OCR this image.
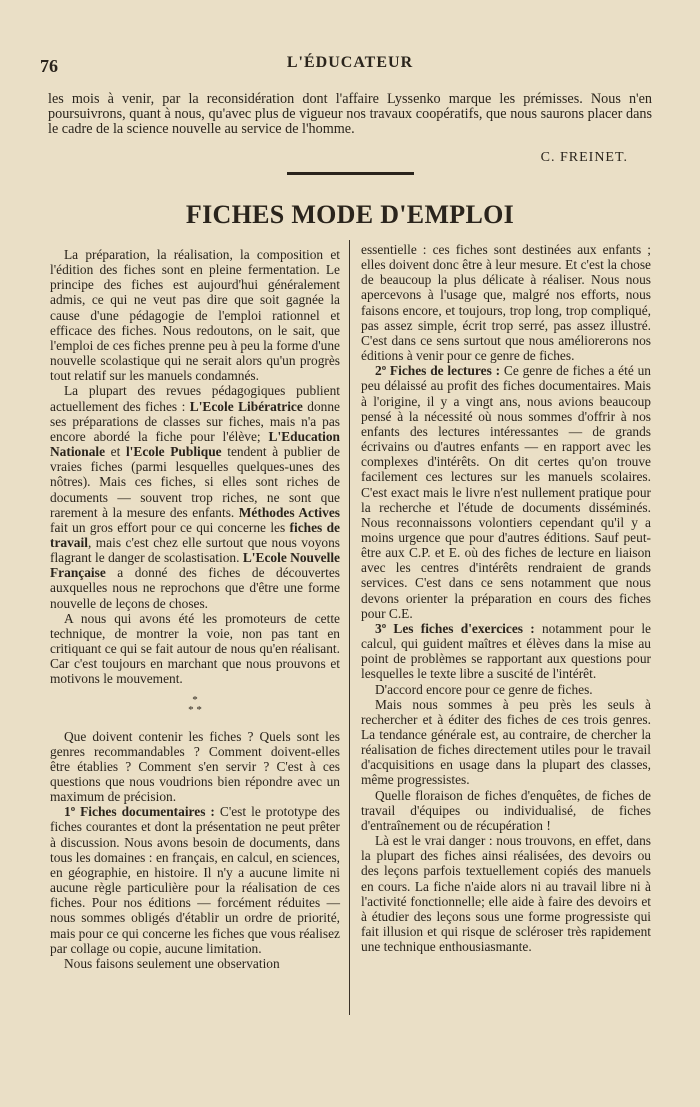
76	L'ÉDUCATEUR

les mois à venir, par la reconsidération dont l'affaire Lyssenko marque les prémisses. Nous n'en poursuivrons, quant à nous, qu'avec plus de vigueur nos travaux coopératifs, que nous saurons placer dans le cadre de la science nouvelle au service de l'homme.

C. FREINET.
FICHES MODE D'EMPLOI

La préparation, la réalisation, la composition et l'édition des fiches sont en pleine fermentation. Le principe des fiches est aujourd'hui généralement admis, ce qui ne veut pas dire que soit gagnée la cause d'une pédagogie de l'emploi rationnel et efficace des fiches. Nous redoutons, on le sait, que l'emploi de ces fiches prenne peu à peu la forme d'une nouvelle scolastique qui ne serait alors qu'un progrès tout relatif sur les manuels condamnés.

La plupart des revues pédagogiques publient actuellement des fiches : L'Ecole Libératrice donne ses préparations de classes sur fiches, mais n'a pas encore abordé la fiche pour l'élève; L'Education Nationale et l'Ecole Publique tendent à publier de vraies fiches (parmi lesquelles quelques-unes des nôtres). Mais ces fiches, si elles sont riches de documents — souvent trop riches, ne sont que rarement à la mesure des enfants. Méthodes Actives fait un gros effort pour ce qui concerne les fiches de travail, mais c'est chez elle surtout que nous voyons flagrant le danger de scolastisation. L'Ecole Nouvelle Française a donné des fiches de découvertes auxquelles nous ne reprochons que d'être une forme nouvelle de leçons de choses.

A nous qui avons été les promoteurs de cette technique, de montrer la voie, non pas tant en critiquant ce qui se fait autour de nous qu'en réalisant. Car c'est toujours en marchant que nous prouvons et motivons le mouvement.

*
* *

Que doivent contenir les fiches ? Quels sont les genres recommandables ? Comment doivent-elles être établies ? Comment s'en servir ? C'est à ces questions que nous voudrions bien répondre avec un maximum de précision.

1º Fiches documentaires : C'est le prototype des fiches courantes et dont la présentation ne peut prêter à discussion. Nous avons besoin de documents, dans tous les domaines : en français, en calcul, en sciences, en géographie, en histoire. Il n'y a aucune limite ni aucune règle particulière pour la réalisation de ces fiches. Pour nos éditions — forcément réduites — nous sommes obligés d'établir un ordre de priorité, mais pour ce qui concerne les fiches que vous réalisez par collage ou copie, aucune limitation.

Nous faisons seulement une observation

essentielle : ces fiches sont destinées aux enfants ; elles doivent donc être à leur mesure. Et c'est la chose de beaucoup la plus délicate à réaliser. Nous nous apercevons à l'usage que, malgré nos efforts, nous faisons encore, et toujours, trop long, trop compliqué, pas assez simple, écrit trop serré, pas assez illustré. C'est dans ce sens surtout que nous améliorerons nos éditions à venir pour ce genre de fiches.

2º Fiches de lectures : Ce genre de fiches a été un peu délaissé au profit des fiches documentaires. Mais à l'origine, il y a vingt ans, nous avions beaucoup pensé à la nécessité où nous sommes d'offrir à nos enfants des lectures intéressantes — de grands écrivains ou d'autres enfants — en rapport avec les complexes d'intérêts. On dit certes qu'on trouve facilement ces lectures sur les manuels scolaires. C'est exact mais le livre n'est nullement pratique pour la recherche et l'étude de documents disséminés. Nous reconnaissons volontiers cependant qu'il y a moins urgence que pour d'autres éditions. Sauf peut-être aux C.P. et E. où des fiches de lecture en liaison avec les centres d'intérêts rendraient de grands services. C'est dans ce sens notamment que nous devons orienter la préparation en cours des fiches pour C.E.

3º Les fiches d'exercices : notamment pour le calcul, qui guident maîtres et élèves dans la mise au point de problèmes se rapportant aux questions pour lesquelles le texte libre a suscité de l'intérêt.

D'accord encore pour ce genre de fiches.

Mais nous sommes à peu près les seuls à rechercher et à éditer des fiches de ces trois genres. La tendance générale est, au contraire, de chercher la réalisation de fiches directement utiles pour le travail d'acquisitions en usage dans la plupart des classes, même progressistes.

Quelle floraison de fiches d'enquêtes, de fiches de travail d'équipes ou individualisé, de fiches d'entraînement ou de récupération !

Là est le vrai danger : nous trouvons, en effet, dans la plupart des fiches ainsi réalisées, des devoirs ou des leçons parfois textuellement copiés des manuels en cours. La fiche n'aide alors ni au travail libre ni à l'activité fonctionnelle; elle aide à faire des devoirs et à étudier des leçons sous une forme progressiste qui fait illusion et qui risque de scléroser très rapidement une technique enthousiasmante.
